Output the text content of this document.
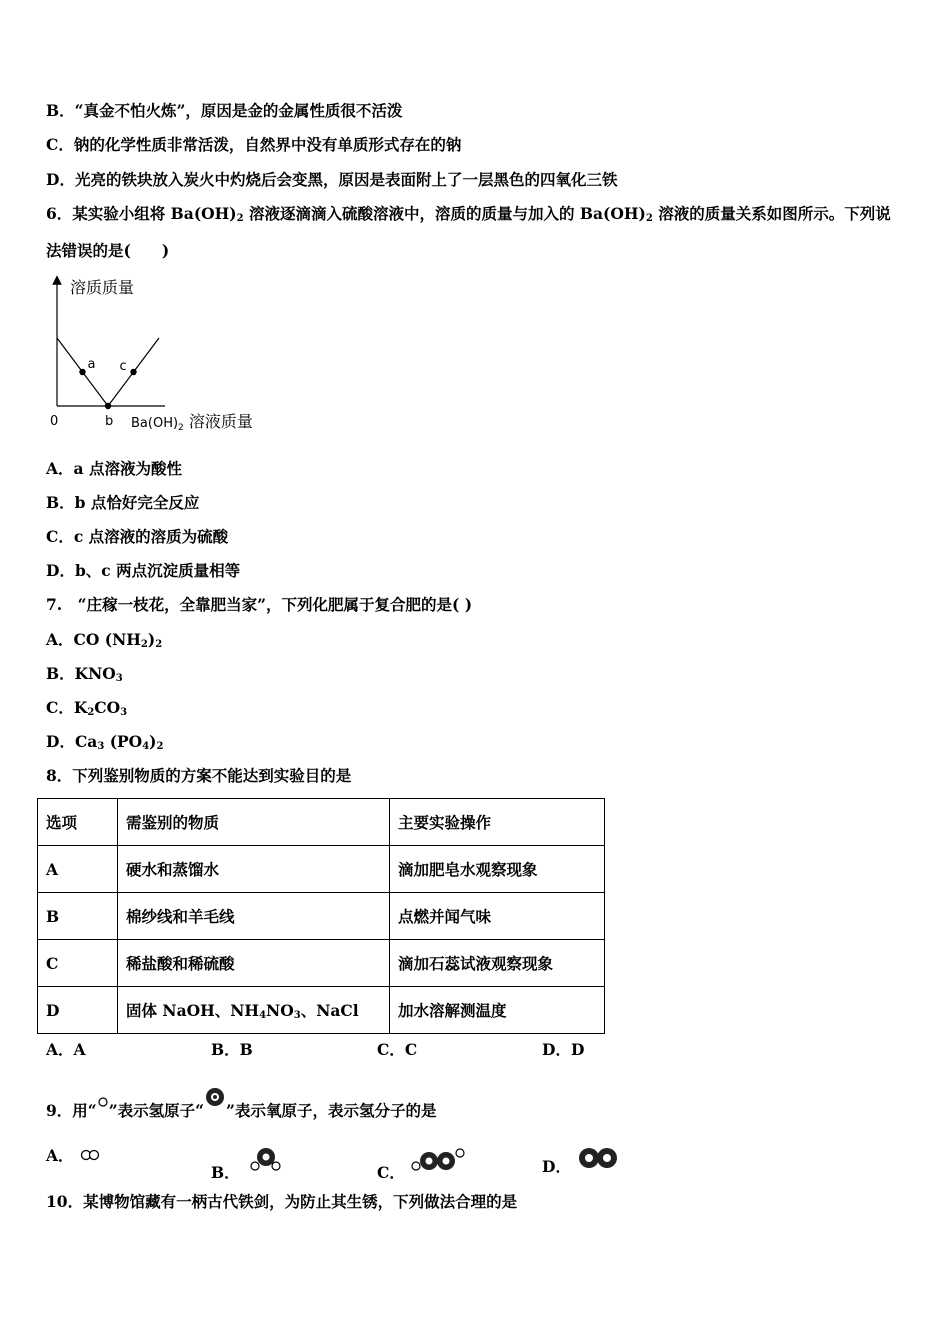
B．“真金不怕火炼”，原因是金的金属性质很不活泼
C．钠的化学性质非常活泼，自然界中没有单质形式存在的钠
D．光亮的铁块放入炭火中灼烧后会变黑，原因是表面附上了一层黑色的四氧化三铁
6．某实验小组将 $Ba(OH)_2$ 溶液逐滴滴入硫酸溶液中，溶质的质量与加入的 $Ba(OH)_2$ 溶液的质量关系如图所示。下列说
法错误的是(　　)
溶质质量
0	$Ba(OH)_2$ 溶液质量
a
b
c
A．a 点溶液为酸性
B．b 点恰好完全反应
C．c 点溶液的溶质为硫酸
D．b、c 两点沉淀质量相等
7.　“庄稼一枝花，全靠肥当家”，下列化肥属于复合肥的是( )
A．CO $(NH_2)_2$
B．$KNO_3$
C．$K_2CO_3$
D．$Ca_3$ $(PO_4)_2$
8．下列鉴别物质的方案不能达到实验目的是
选项	需鉴别的物质	主要实验操作
A	硬水和蒸馏水	滴加肥皂水观察现象
B	棉纱线和羊毛线	点燃并闻气味
C	稀盐酸和稀硫酸	滴加石蕊试液观察现象
D	固体 NaOH、$NH_4NO_3$、NaCl	加水溶解测温度
A．A	B．B	C．C	D．D
9．用“ ”表示氢原子“ ”表示氧原子，表示氢分子的是
A．
B．	C．	D．
10．某博物馆藏有一柄古代铁剑，为防止其生锈，下列做法合理的是
